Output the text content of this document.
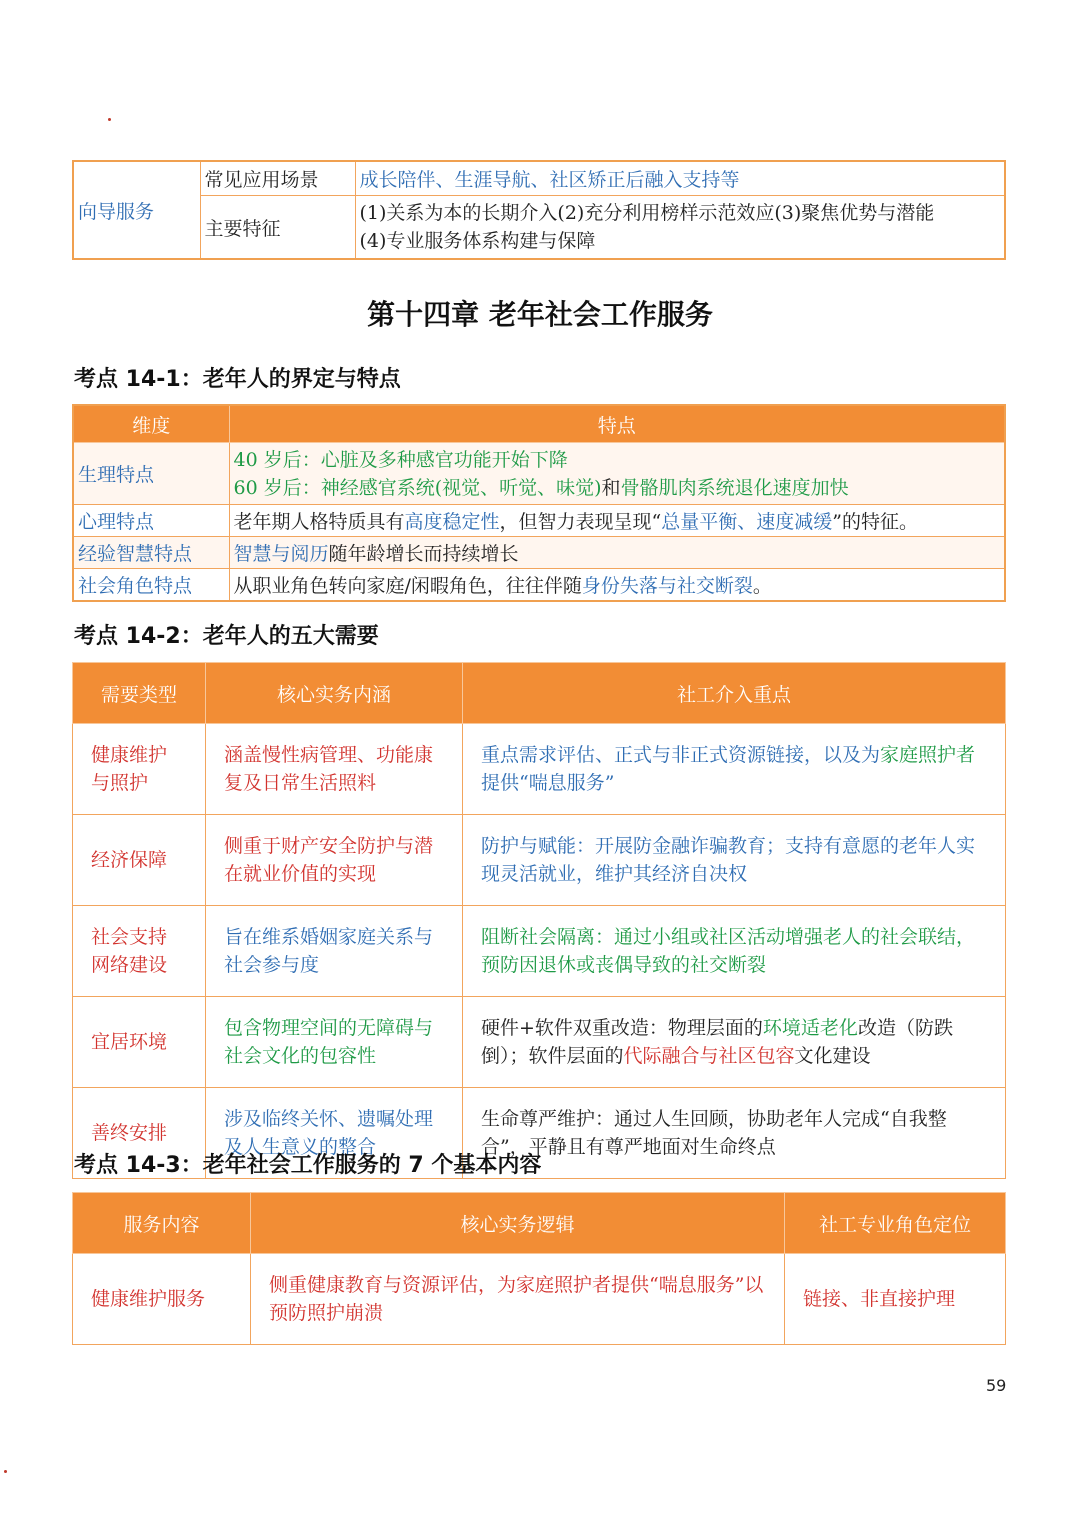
向导服务	常见应用场景	成长陪伴、生涯导航、社区矫正后融入支持等
	主要特征	(1)关系为本的长期介入(2)充分利用榜样示范效应(3)聚焦优势与潜能
(4)专业服务体系构建与保障
第十四章 老年社会工作服务
考点 14-1：老年人的界定与特点
维度	特点
生理特点	40 岁后：心脏及多种感官功能开始下降
60 岁后：神经感官系统(视觉、听觉、味觉)和骨骼肌肉系统退化速度加快

心理特点	老年期人格特质具有高度稳定性，但智力表现呈现“总量平衡、速度减缓”的特征。
经验智慧特点	智慧与阅历随年龄增长而持续增长
社会角色特点	从职业角色转向家庭/闲暇角色，往往伴随身份失落与社交断裂。
考点 14-2：老年人的五大需要
需要类型	核心实务内涵	社工介入重点
健康维护与照护	涵盖慢性病管理、功能康复及日常生活照料	重点需求评估、正式与非正式资源链接，以及为家庭照护者提供“喘息服务”
经济保障	侧重于财产安全防护与潜在就业价值的实现	防护与赋能：开展防金融诈骗教育；支持有意愿的老年人实现灵活就业，维护其经济自决权
社会支持网络建设	旨在维系婚姻家庭关系与社会参与度	阻断社会隔离：通过小组或社区活动增强老人的社会联结，预防因退休或丧偶导致的社交断裂
宜居环境	包含物理空间的无障碍与社会文化的包容性	硬件+软件双重改造：物理层面的环境适老化改造（防跌倒）；软件层面的代际融合与社区包容文化建设
善终安排	涉及临终关怀、遗嘱处理及人生意义的整合	生命尊严维护：通过人生回顾，协助老年人完成“自我整合”，平静且有尊严地面对生命终点
考点 14-3：老年社会工作服务的 7 个基本内容
服务内容	核心实务逻辑	社工专业角色定位
健康维护服务	侧重健康教育与资源评估，为家庭照护者提供“喘息服务”以预防照护崩溃	链接、非直接护理
59
